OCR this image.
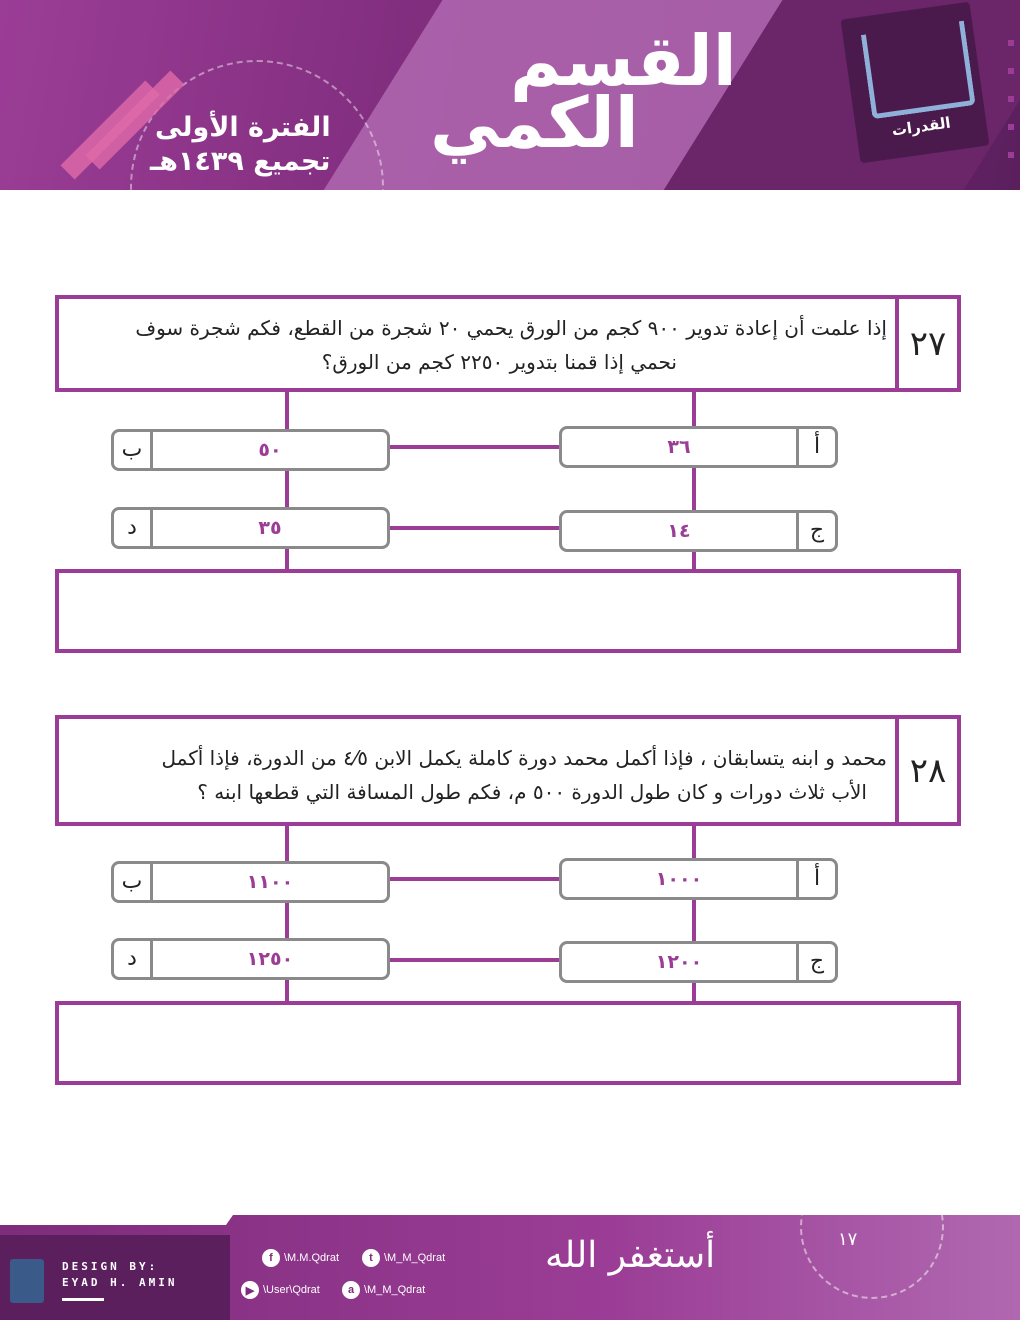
القسم
الكمي
الفترة الأولى
تجميع ١٤٣٩هـ
القدرات
٢٧
إذا علمت أن إعادة تدوير ٩٠٠ كجم من الورق يحمي ٢٠ شجرة من القطع، فكم شجرة سوف
نحمي إذا قمنا بتدوير ٢٢٥٠ كجم من الورق؟
أ
٣٦
ب	٥٠
ج
١٤
د	٣٥
٢٨
محمد و ابنه يتسابقان ، فإذا أكمل محمد دورة كاملة يكمل الابن ٤⁄٥ من الدورة، فإذا أكمل
الأب ثلاث دورات و كان طول الدورة ٥٠٠ م، فكم طول المسافة التي قطعها ابنه ؟
أ
١٠٠٠
ب	١١٠٠
ج
١٢٠٠
د	١٢٥٠
DESIGN BY:
EYAD H. AMIN
f	\M.M.Qdrat	t	\M_M_Qdrat
▶ \User\Qdrat	a \M_M_Qdrat
أستغفر الله	١٧
